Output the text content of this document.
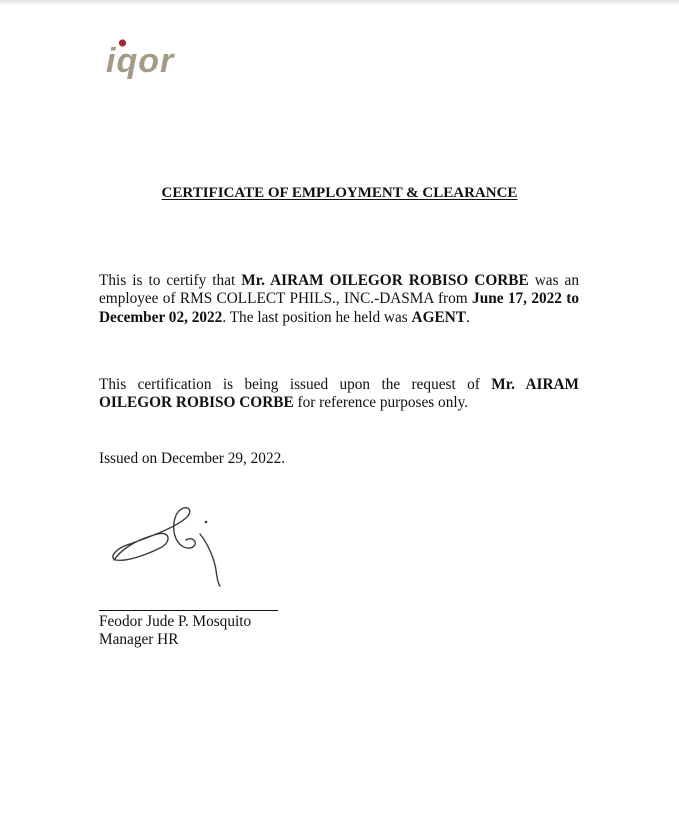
iqor
CERTIFICATE OF EMPLOYMENT & CLEARANCE

This is to certify that Mr. AIRAM OILEGOR ROBISO CORBE was an employee of RMS COLLECT PHILS., INC.-DASMA from June 17, 2022 to December 02, 2022. The last position he held was AGENT.

This certification is being issued upon the request of Mr. AIRAM OILEGOR ROBISO CORBE for reference purposes only.

Issued on December 29, 2022.

Feodor Jude P. Mosquito
Manager HR
